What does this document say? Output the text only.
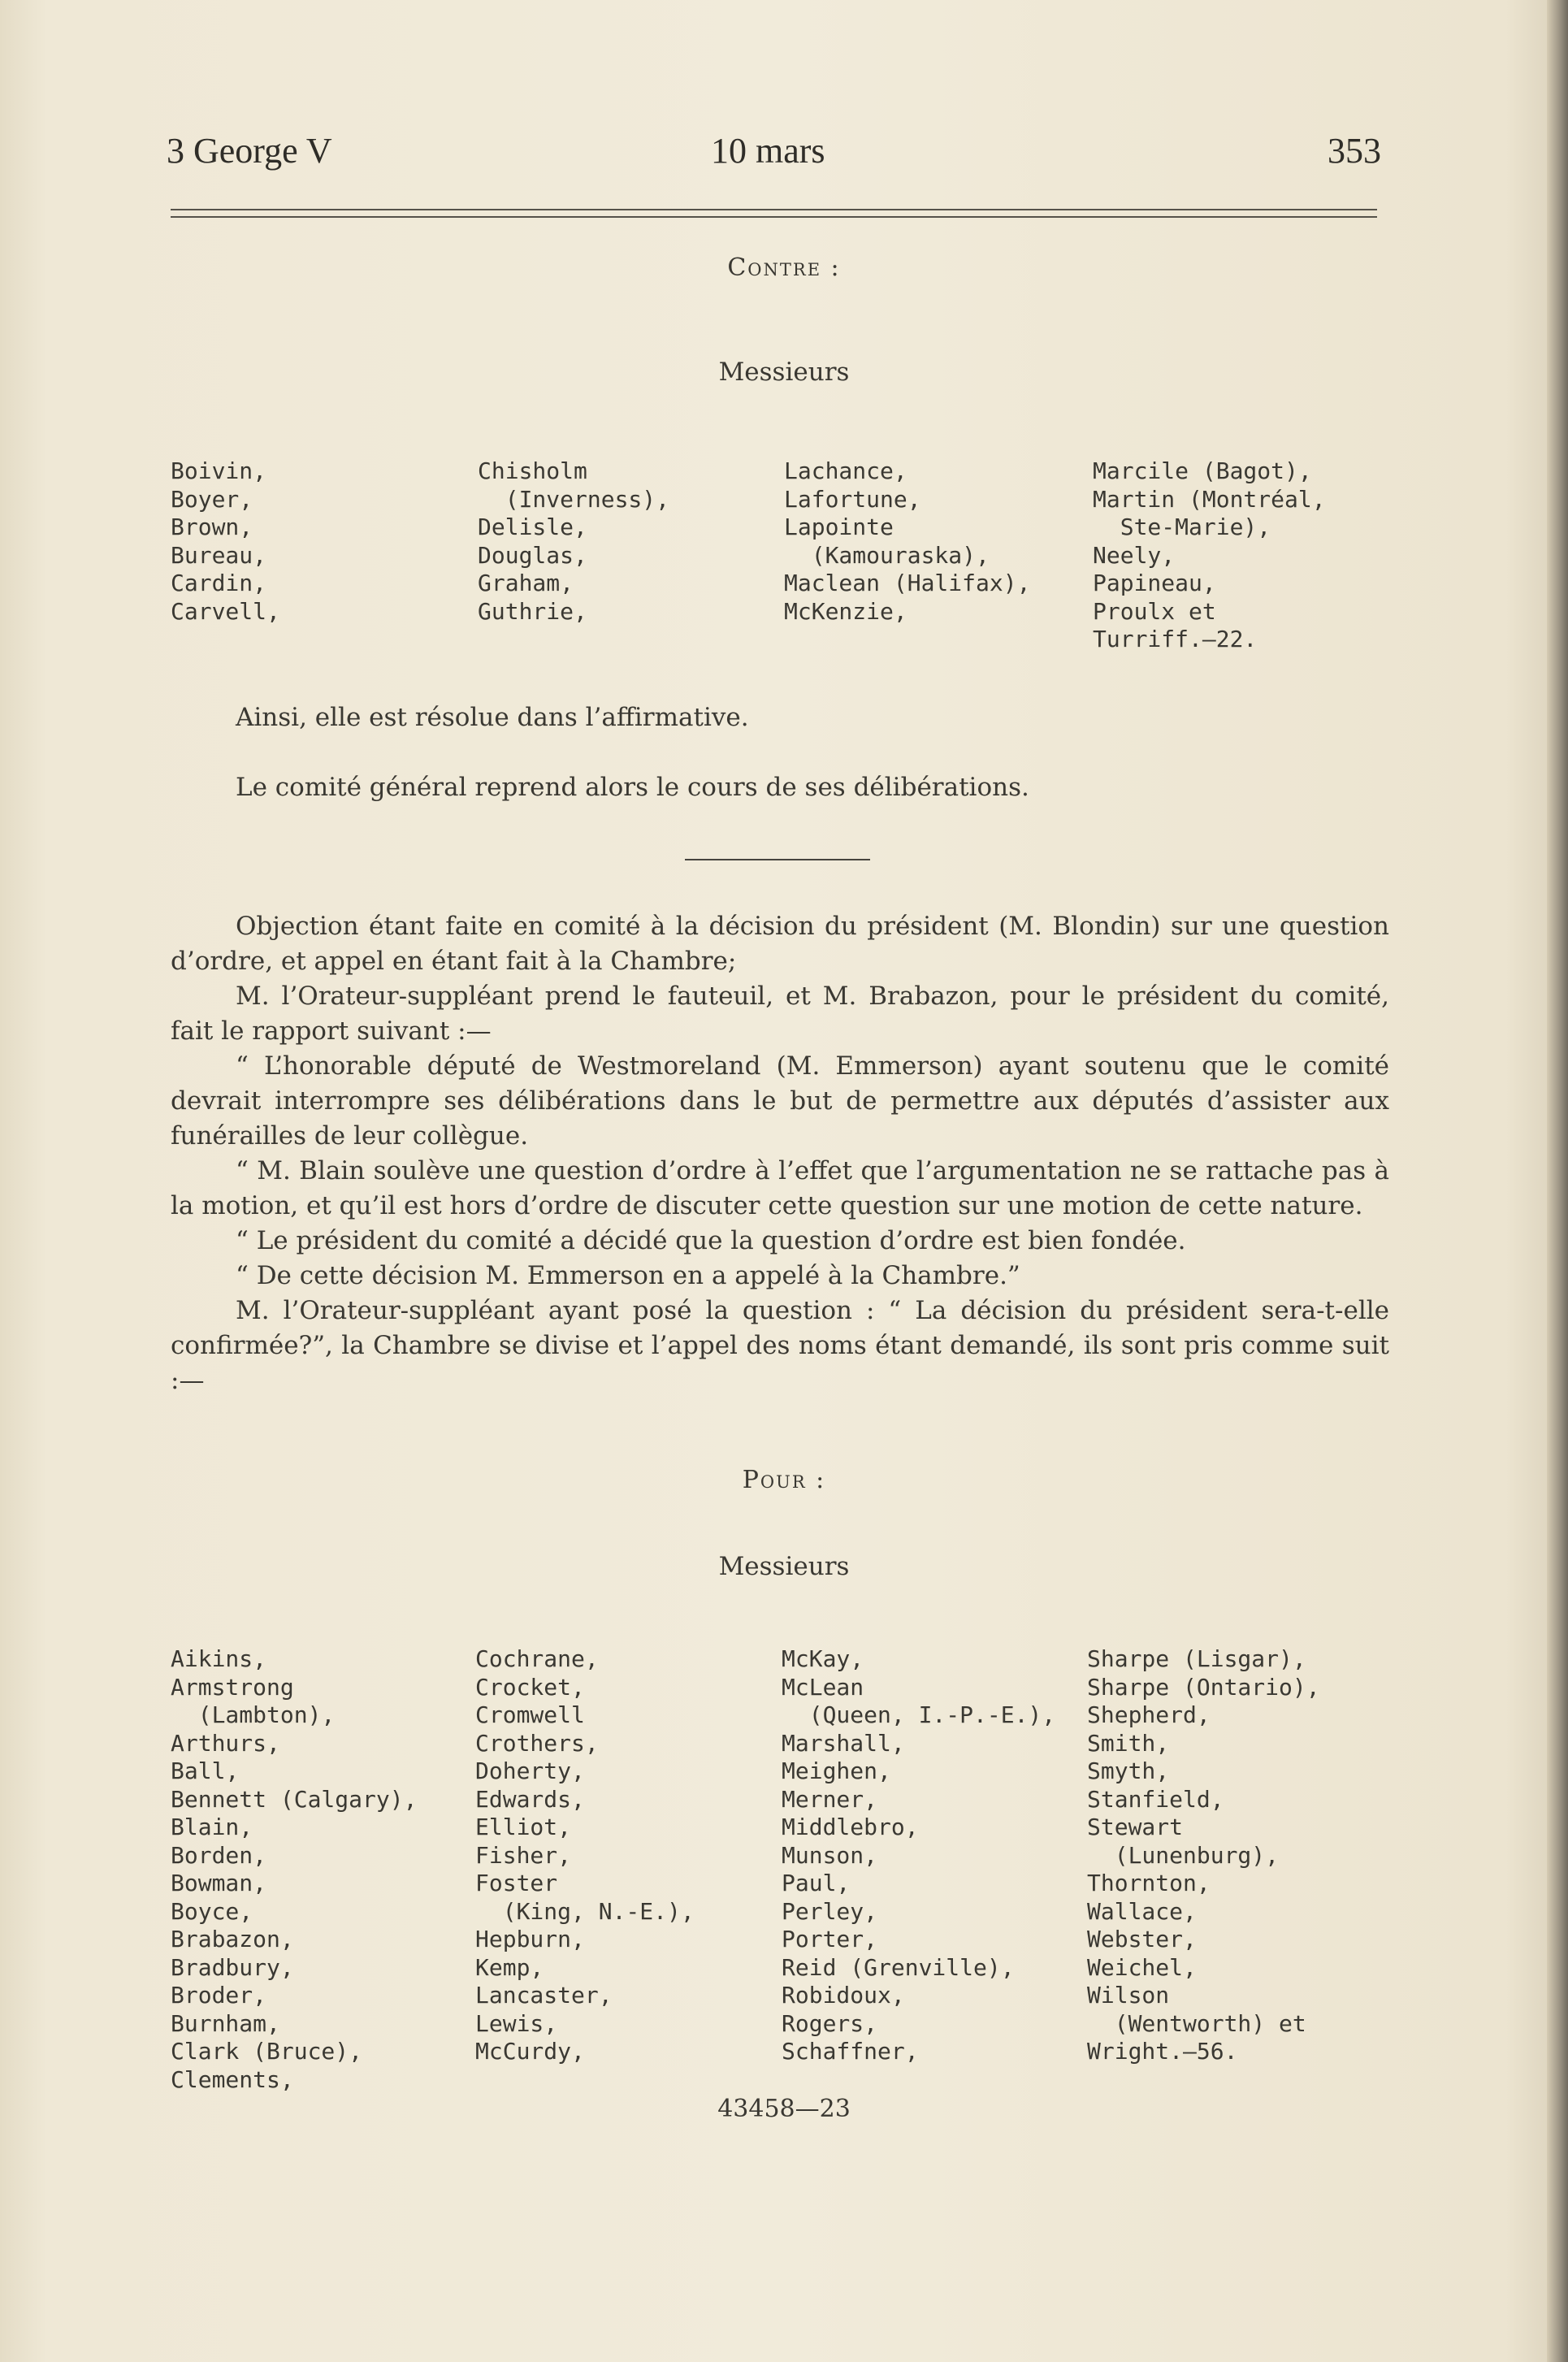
3 George V	10 mars	353
Contre :
Messieurs
Boivin,
Boyer,
Brown,
Bureau,
Cardin,
Carvell,
Chisholm
(Inverness),
Delisle,
Douglas,
Graham,
Guthrie,
Lachance,
Lafortune,
Lapointe
(Kamouraska),
Maclean (Halifax),
McKenzie,
Marcile (Bagot),
Martin (Montréal,
Ste-Marie),
Neely,
Papineau,
Proulx et
Turriff.—22.

Ainsi, elle est résolue dans l’affirmative.

Le comité général reprend alors le cours de ses délibérations.

Objection étant faite en comité à la décision du président (M. Blondin) sur une question d’ordre, et appel en étant fait à la Chambre;

M. l’Orateur-suppléant prend le fauteuil, et M. Brabazon, pour le président du comité, fait le rapport suivant :—

“ L’honorable député de Westmoreland (M. Emmerson) ayant soutenu que le comité devrait interrompre ses délibérations dans le but de permettre aux députés d’assister aux funérailles de leur collègue.

“ M. Blain soulève une question d’ordre à l’effet que l’argumentation ne se rattache pas à la motion, et qu’il est hors d’ordre de discuter cette question sur une motion de cette nature.

“ Le président du comité a décidé que la question d’ordre est bien fondée.

“ De cette décision M. Emmerson en a appelé à la Chambre.”

M. l’Orateur-suppléant ayant posé la question : “ La décision du président sera-t-elle confirmée?”, la Chambre se divise et l’appel des noms étant demandé, ils sont pris comme suit :—

Pour :
Messieurs
Aikins,
Armstrong
(Lambton),
Arthurs,
Ball,
Bennett (Calgary),
Blain,
Borden,
Bowman,
Boyce,
Brabazon,
Bradbury,
Broder,
Burnham,
Clark (Bruce),
Clements,
Cochrane,
Crocket,
Cromwell
Crothers,
Doherty,
Edwards,
Elliot,
Fisher,
Foster
(King, N.-E.),
Hepburn,
Kemp,
Lancaster,
Lewis,
McCurdy,
McKay,
McLean
(Queen, I.-P.-E.),
Marshall,
Meighen,
Merner,
Middlebro,
Munson,
Paul,
Perley,
Porter,
Reid (Grenville),
Robidoux,
Rogers,
Schaffner,
Sharpe (Lisgar),
Sharpe (Ontario),
Shepherd,
Smith,
Smyth,
Stanfield,
Stewart
(Lunenburg),
Thornton,
Wallace,
Webster,
Weichel,
Wilson
(Wentworth) et
Wright.—56.
43458—23
